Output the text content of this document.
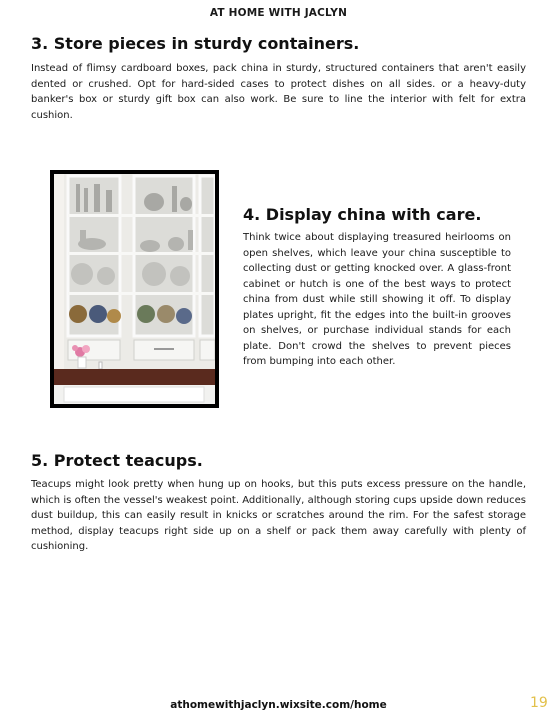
AT HOME WITH JACLYN
3. Store pieces in sturdy containers.

Instead of flimsy cardboard boxes, pack china in sturdy, structured containers that aren't easily dented or crushed. Opt for hard-sided cases to protect dishes on all sides. or a heavy-duty banker's box or sturdy gift box can also work. Be sure to line the interior with felt for extra cushion.

4. Display china with care.

Think twice about displaying treasured heirlooms on open shelves, which leave your china susceptible to collecting dust or getting knocked over. A glass-front cabinet or hutch is one of the best ways to protect china from dust while still showing it off. To display plates upright, fit the edges into the built-in grooves on shelves, or purchase individual stands for each plate. Don't crowd the shelves to prevent pieces from bumping into each other.

5. Protect teacups.

Teacups might look pretty when hung up on hooks, but this puts excess pressure on the handle, which is often the vessel's weakest point. Additionally, although storing cups upside down reduces dust buildup, this can easily result in knicks or scratches around the rim. For the safest storage method, display teacups right side up on a shelf or pack them away carefully with plenty of cushioning.

athomewithjaclyn.wixsite.com/home	19
